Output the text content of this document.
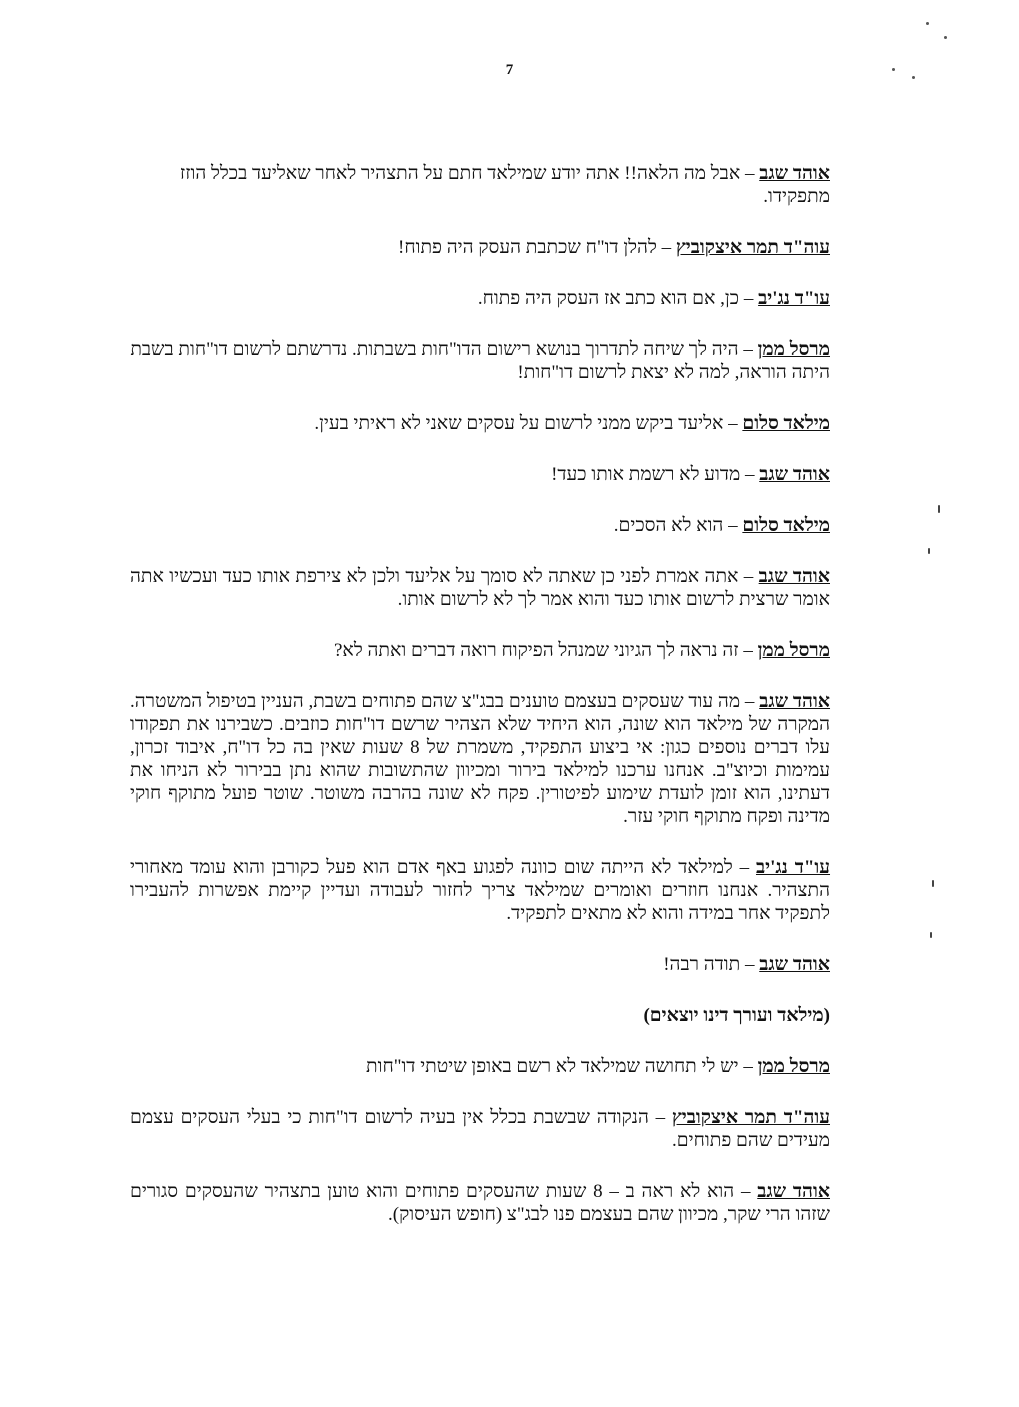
7

אוהד שגב – אבל מה הלאה!! אתה יודע שמילאד חתם על התצהיר לאחר שאליעד בכלל הוזז מתפקידו.

עוה"ד תמר איצקוביץ – להלן דו"ח שכתבת העסק היה פתוח!

עו"ד נג'יב – כן, אם הוא כתב אז העסק היה פתוח.

מרסל ממן – היה לך שיחה לתדרוך בנושא רישום הדו"חות בשבתות. נדרשתם לרשום דו"חות בשבת היתה הוראה, למה לא יצאת לרשום דו"חות!

מילאד סלום – אליעד ביקש ממני לרשום על עסקים שאני לא ראיתי בעין.

אוהד שגב – מדוע לא רשמת אותו כעד!

מילאד סלום – הוא לא הסכים.

אוהד שגב – אתה אמרת לפני כן שאתה לא סומך על אליעד ולכן לא צירפת אותו כעד ועכשיו אתה אומר שרצית לרשום אותו כעד והוא אמר לך לא לרשום אותו.

מרסל ממן – זה נראה לך הגיוני שמנהל הפיקוח רואה דברים ואתה לא?

אוהד שגב – מה עוד שעסקים בעצמם טוענים בבג"צ שהם פתוחים בשבת, העניין בטיפול המשטרה. המקרה של מילאד הוא שונה, הוא היחיד שלא הצהיר שרשם דו"חות כוזבים. כשבירנו את תפקודו עלו דברים נוספים כגון: אי ביצוע התפקיד, משמרת של 8 שעות שאין בה כל דו"ח, איבוד זכרון, עמימות וכיוצ"ב. אנחנו ערכנו למילאד בירור ומכיוון שהתשובות שהוא נתן בבירור לא הניחו את דעתינו, הוא זומן לועדת שימוע לפיטורין. פקח לא שונה בהרבה משוטר. שוטר פועל מתוקף חוקי מדינה ופקח מתוקף חוקי עזר.

עו"ד נג'יב – למילאד לא הייתה שום כוונה לפגוע באף אדם הוא פעל כקורבן והוא עומד מאחורי התצהיר. אנחנו חוזרים ואומרים שמילאד צריך לחזור לעבודה ועדיין קיימת אפשרות להעבירו לתפקיד אחר במידה והוא לא מתאים לתפקיד.

אוהד שגב – תודה רבה!

(מילאד ועורך דינו יוצאים)

מרסל ממן – יש לי תחושה שמילאד לא רשם באופן שיטתי דו"חות

עוה"ד תמר איצקוביץ – הנקודה שבשבת בכלל אין בעיה לרשום דו"חות כי בעלי העסקים עצמם מעידים שהם פתוחים.

אוהד שגב – הוא לא ראה ב – 8 שעות שהעסקים פתוחים והוא טוען בתצהיר שהעסקים סגורים שזהו הרי שקר, מכיוון שהם בעצמם פנו לבג"צ (חופש העיסוק).
